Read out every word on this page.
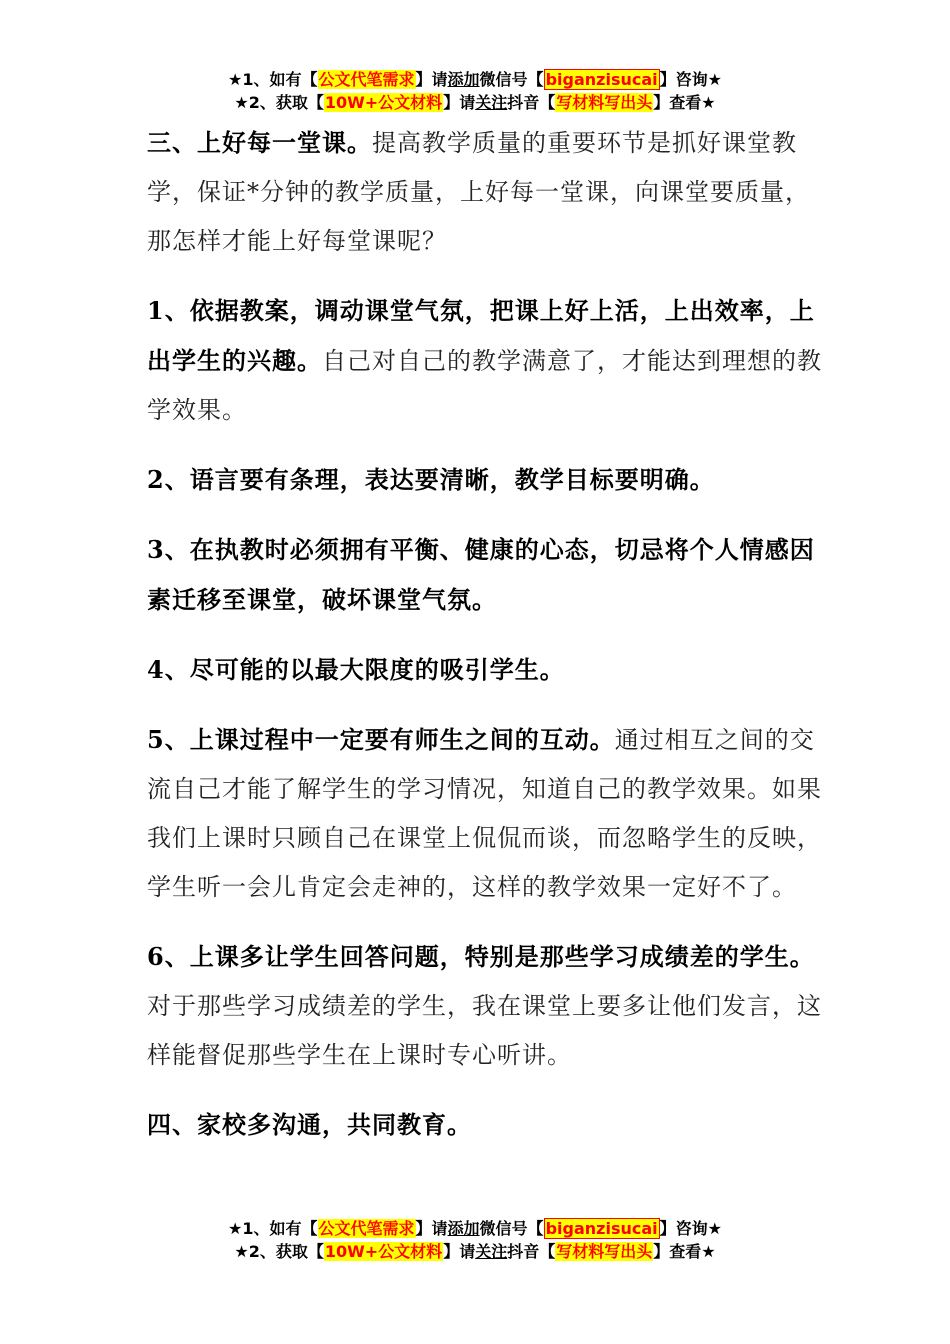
★1、如有【公文代笔需求】请添加微信号【 biganzisucai 】咨询★
★2、获取【10W+公文材料】请关注抖音【写材料写出头】查看★

三、上好每一堂课。提高教学质量的重要环节是抓好课堂教学，保证*分钟的教学质量，上好每一堂课，向课堂要质量，那怎样才能上好每堂课呢？

1、依据教案，调动课堂气氛，把课上好上活，上出效率，上出学生的兴趣。自己对自己的教学满意了，才能达到理想的教学效果。

2、语言要有条理，表达要清晰，教学目标要明确。

3、在执教时必须拥有平衡、健康的心态，切忌将个人情感因素迁移至课堂，破坏课堂气氛。

4、尽可能的以最大限度的吸引学生。

5、上课过程中一定要有师生之间的互动。通过相互之间的交流自己才能了解学生的学习情况，知道自己的教学效果。如果我们上课时只顾自己在课堂上侃侃而谈，而忽略学生的反映，学生听一会儿肯定会走神的，这样的教学效果一定好不了。

6、上课多让学生回答问题，特别是那些学习成绩差的学生。对于那些学习成绩差的学生，我在课堂上要多让他们发言，这样能督促那些学生在上课时专心听讲。

四、家校多沟通，共同教育。

★1、如有【公文代笔需求】请添加微信号【 biganzisucai 】咨询★
★2、获取【10W+公文材料】请关注抖音【写材料写出头】查看★
